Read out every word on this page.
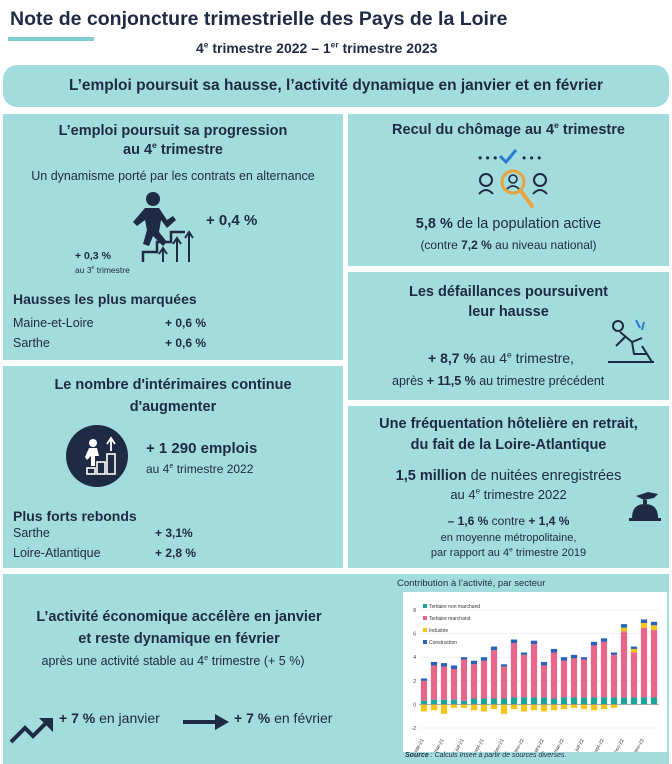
Note de conjoncture trimestrielle des Pays de la Loire
4e trimestre 2022 – 1er trimestre 2023
L’emploi poursuit sa hausse, l’activité dynamique en janvier et en février
L’emploi poursuit sa progression
au 4e trimestre
Un dynamisme porté par les contrats en alternance
+ 0,4 %
+ 0,3 %
au 3e trimestre
Hausses les plus marquées
Maine-et-Loire	+ 0,6 %
Sarthe	+ 0,6 %
Recul du chômage au 4e trimestre
• • • • • •
5,8 % de la population active
(contre 7,2 % au niveau national)
Les défaillances poursuivent
leur hausse
+ 8,7 % au 4e trimestre,
après + 11,5 % au trimestre précédent
Le nombre d'intérimaires continue
d'augmenter
+ 1 290 emplois
au 4e trimestre 2022
Plus forts rebonds
Sarthe	+ 3,1%
Loire-Atlantique	+ 2,8 %
Une fréquentation hôtelière en retrait,
du fait de la Loire-Atlantique
1,5 million de nuitées enregistrées
au 4e trimestre 2022
– 1,6 % contre + 1,4 %
en moyenne métropolitaine,
par rapport au 4e trimestre 2019
L’activité économique accélère en janvier
et reste dynamique en février
après une activité stable au 4e trimestre (+ 5 %)
+ 7 % en janvier	+ 7 % en février
Contribution à l’activité, par secteur
-2
0
2
4
6
8
mar-21 mai-21 juil-21 sept-21 nov-21 janv-22 mars-22 mai-22 juil-22 sept-22 nov-22 janv-23
Tertiaire non marchand
Tertiaire marchand
Industrie
Construction
Source : Calculs Insee à partir de sources diverses.
